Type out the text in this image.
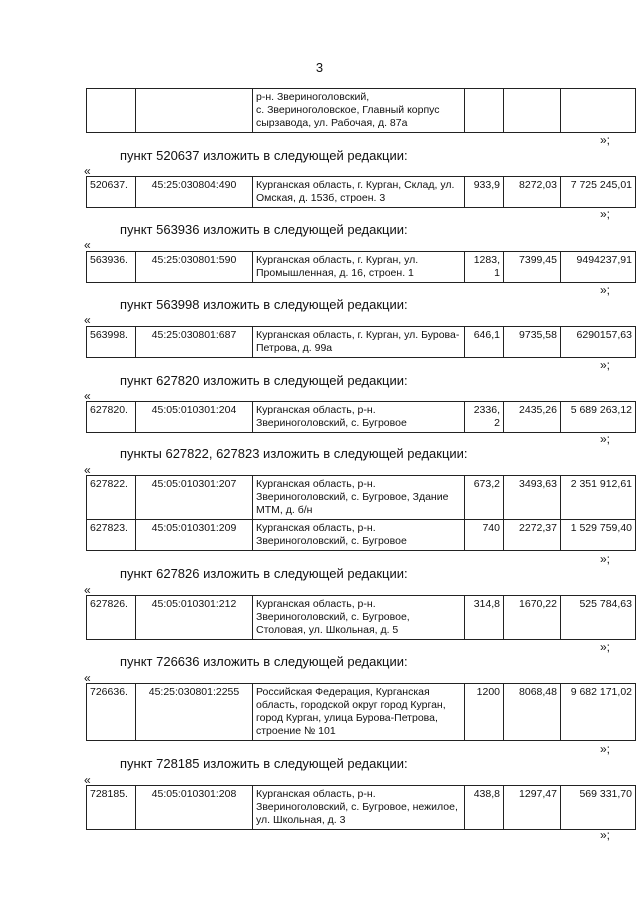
3
		р-н. Звериноголовский,
с. Звериноголовское, Главный корпус сырзавода, ул. Рабочая, д. 87а			
»;
пункт 520637 изложить в следующей редакции:
«
520637.	45:25:030804:490	Курганская область, г. Курган, Склад, ул. Омская, д. 153б, строен. 3	933,9	8272,03	7 725 245,01
»;
пункт 563936 изложить в следующей редакции:
«
563936.	45:25:030801:590	Курганская область, г. Курган, ул. Промышленная, д. 16, строен. 1	1283,1	7399,45	9494237,91
»;
пункт 563998 изложить в следующей редакции:
«
563998.	45:25:030801:687	Курганская область, г. Курган, ул. Бурова-Петрова, д. 99а	646,1	9735,58	6290157,63
»;
пункт 627820 изложить в следующей редакции:
«
627820.	45:05:010301:204	Курганская область, р-н. Звериноголовский, с. Бугровое	2336,2	2435,26	5 689 263,12
»;
пункты 627822, 627823 изложить в следующей редакции:
«
627822.	45:05:010301:207	Курганская область, р-н. Звериноголовский, с. Бугровое, Здание МТМ, д. б/н	673,2	3493,63	2 351 912,61
627823.	45:05:010301:209	Курганская область, р-н. Звериноголовский, с. Бугровое	740	2272,37	1 529 759,40
»;
пункт 627826 изложить в следующей редакции:
«
627826.	45:05:010301:212	Курганская область, р-н. Звериноголовский, с. Бугровое, Столовая, ул. Школьная, д. 5	314,8	1670,22	525 784,63
»;
пункт 726636 изложить в следующей редакции:
«
726636.	45:25:030801:2255	Российская Федерация, Курганская область, городской округ город Курган, город Курган, улица Бурова-Петрова, строение № 101	1200	8068,48	9 682 171,02
»;
пункт 728185 изложить в следующей редакции:
«
728185.	45:05:010301:208	Курганская область, р-н. Звериноголовский, с. Бугровое, нежилое, ул. Школьная, д. 3	438,8	1297,47	569 331,70
»;
